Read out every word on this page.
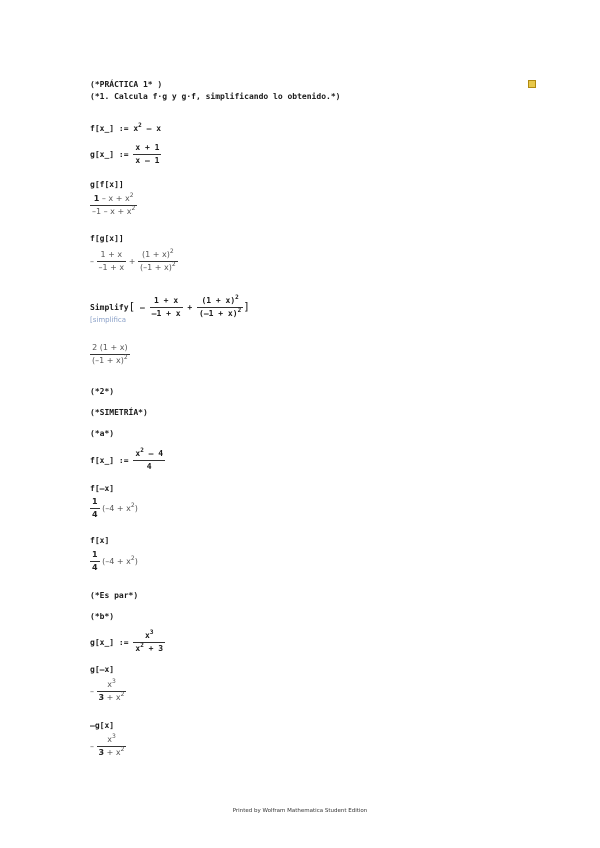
(*PRÁCTICA 1* )
(*1. Calcula f·g y g·f, simplificando lo obtenido.*)
f[x_] := $x^2$ – x
g[x_] := $\frac{x + 1}{x - 1}$
g[f[x]]
$\frac{1 - x + x^2}{-1 - x + x^2}$
f[g[x]]
– $\frac{1 + x}{-1 + x} + \frac{(1 + x)^2}{(-1 + x)^2}$
Simplify[ – $\frac{1 + x}{-1 + x} + \frac{(1 + x)^2}{(-1 + x)^2}$ ]
[simplifica
$\frac{2 (1 + x)}{(-1 + x)^2}$
(*2*)
(*SIMETRÍA*)
(*a*)
f[x_] := $\frac{x^2 - 4}{4}$
f[–x]
$\frac{1}{4} (-4 + x^2)$
f[x]
$\frac{1}{4} (-4 + x^2)$
(*Es par*)
(*b*)
g[x_] := $\frac{x^3}{x^2 + 3}$
g[–x]
– $\frac{x^3}{3 + x^2}$
–g[x]
– $\frac{x^3}{3 + x^2}$
Printed by Wolfram Mathematica Student Edition
